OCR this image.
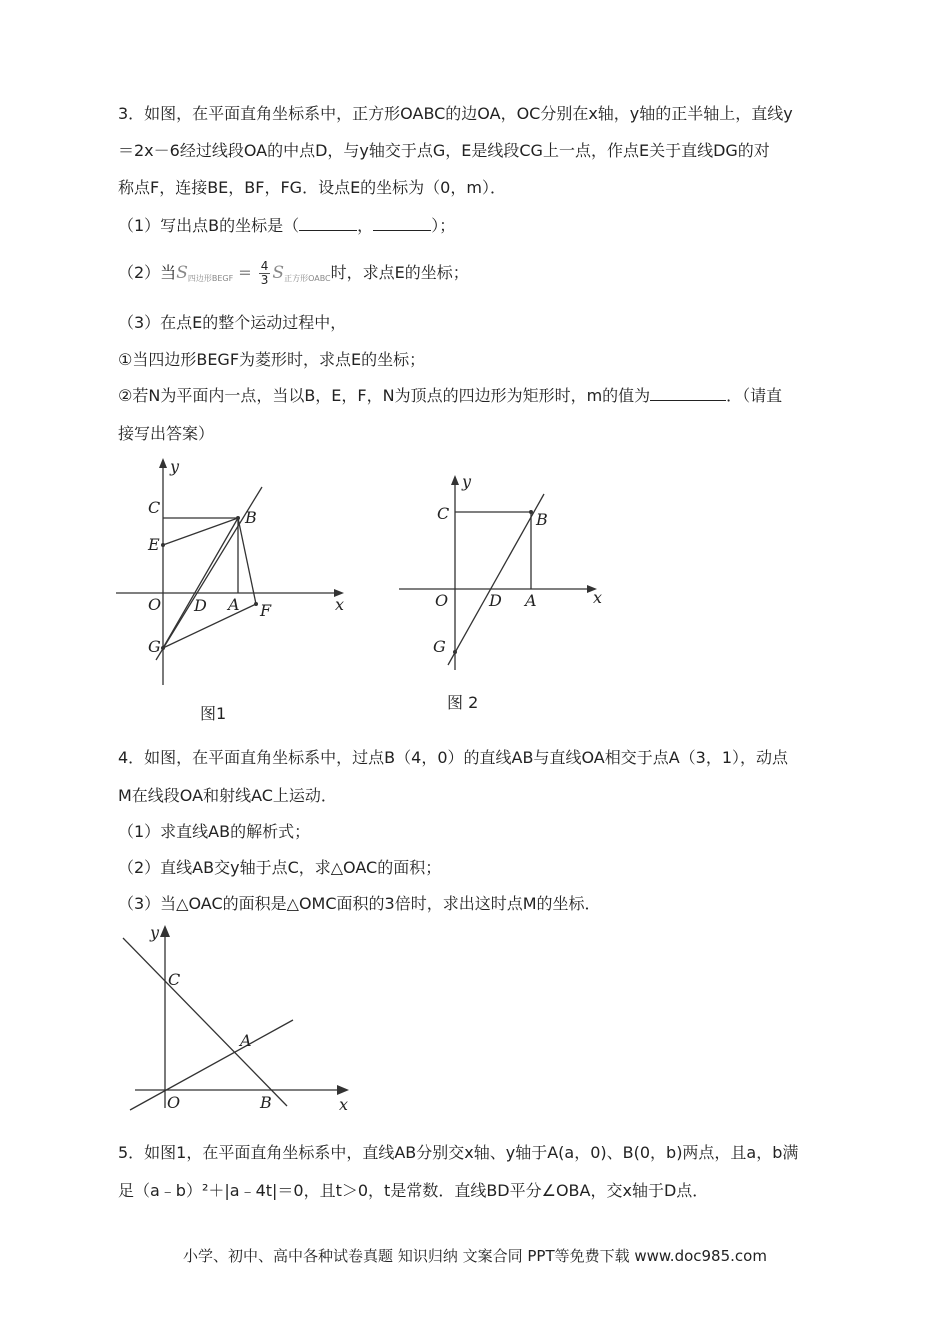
3．如图，在平面直角坐标系中，正方形OABC的边OA，OC分别在x轴，y轴的正半轴上，直线y
＝2x－6经过线段OA的中点D，与y轴交于点G，E是线段CG上一点，作点E关于直线DG的对
称点F，连接BE，BF，FG．设点E的坐标为（0，m）．
（1）写出点B的坐标是（	，	）；
（2）当$S_{四边形BEGF} = \frac{4}{3} S_{正方形OABC}$时，求点E的坐标；
（3）在点E的整个运动过程中，
①当四边形BEGF为菱形时，求点E的坐标；
②若N为平面内一点，当以B，E，F，N为顶点的四边形为矩形时，m的值为	．（请直
接写出答案）
y
x
C
E
O D A
B
F
G
图1
y
x
C	B
O	D A
G
图 2
4．如图，在平面直角坐标系中，过点B（4，0）的直线AB与直线OA相交于点A（3，1），动点
M在线段OA和射线AC上运动．
（1）求直线AB的解析式；
（2）直线AB交y轴于点C，求△OAC的面积；
（3）当△OAC的面积是△OMC面积的3倍时，求出这时点M的坐标．
y
x
C
A
O	B
5．如图1，在平面直角坐标系中，直线AB分别交x轴、y轴于A(a，0)、B(0，b)两点，且a，b满
足（a﹣b）²＋|a﹣4t|＝0，且t＞0，t是常数．直线BD平分∠OBA，交x轴于D点．
小学、初中、高中各种试卷真题 知识归纳 文案合同 PPT等免费下载 www.doc985.com
